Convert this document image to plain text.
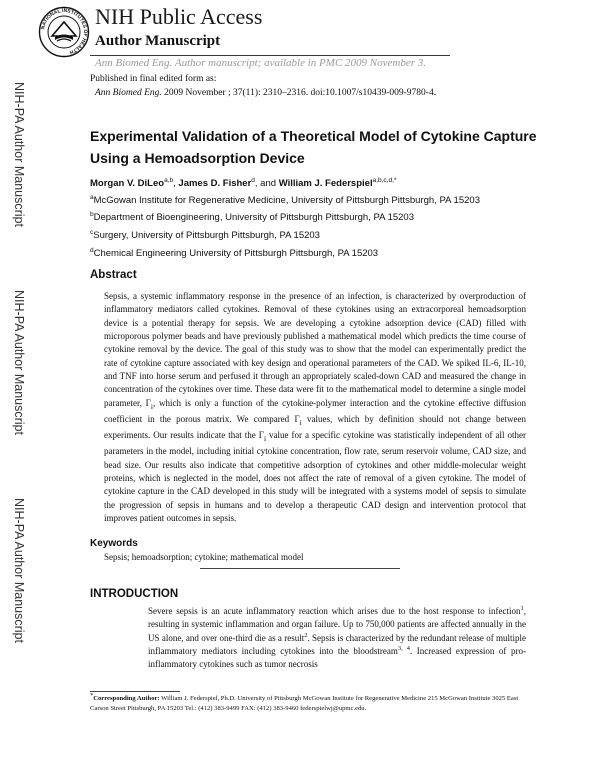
NATIONAL INSTITUTES OF HEALTH
NIH Public Access
Author Manuscript
Ann Biomed Eng. Author manuscript; available in PMC 2009 November 3.
Published in final edited form as:
Ann Biomed Eng. 2009 November ; 37(11): 2310–2316. doi:10.1007/s10439-009-9780-4.
NIH-PA Author Manuscript
NIH-PA Author Manuscript
NIH-PA Author Manuscript
Experimental Validation of a Theoretical Model of Cytokine Capture Using a Hemoadsorption Device
Morgan V. DiLeo$^{a,b}$, James D. Fisher$^d$, and William J. Federspiel$^{a,b,c,d,*}$
$^a$McGowan Institute for Regenerative Medicine, University of Pittsburgh Pittsburgh, PA 15203
$^b$Department of Bioengineering, University of Pittsburgh Pittsburgh, PA 15203
$^c$Surgery, University of Pittsburgh Pittsburgh, PA 15203
$^d$Chemical Engineering University of Pittsburgh Pittsburgh, PA 15203
Abstract

Sepsis, a systemic inflammatory response in the presence of an infection, is characterized by overproduction of inflammatory mediators called cytokines. Removal of these cytokines using an extracorporeal hemoadsorption device is a potential therapy for sepsis. We are developing a cytokine adsorption device (CAD) filled with microporous polymer beads and have previously published a mathematical model which predicts the time course of cytokine removal by the device. The goal of this study was to show that the model can experimentally predict the rate of cytokine capture associated with key design and operational parameters of the CAD. We spiked IL-6, IL-10, and TNF into horse serum and perfused it through an appropriately scaled-down CAD and measured the change in concentration of the cytokines over time. These data were fit to the mathematical model to determine a single model parameter, $\Gamma_i$, which is only a function of the cytokine-polymer interaction and the cytokine effective diffusion coefficient in the porous matrix. We compared $\Gamma_i$ values, which by definition should not change between experiments. Our results indicate that the $\Gamma_i$ value for a specific cytokine was statistically independent of all other parameters in the model, including initial cytokine concentration, flow rate, serum reservoir volume, CAD size, and bead size. Our results also indicate that competitive adsorption of cytokines and other middle-molecular weight proteins, which is neglected in the model, does not affect the rate of removal of a given cytokine. The model of cytokine capture in the CAD developed in this study will be integrated with a systems model of sepsis to simulate the progression of sepsis in humans and to develop a therapeutic CAD design and intervention protocol that improves patient outcomes in sepsis.

Keywords
Sepsis; hemoadsorption; cytokine; mathematical model
INTRODUCTION

Severe sepsis is an acute inflammatory reaction which arises due to the host response to infection$^1$, resulting in systemic inflammation and organ failure. Up to 750,000 patients are affected annually in the US alone, and over one-third die as a result$^2$. Sepsis is characterized by the redundant release of multiple inflammatory mediators including cytokines into the bloodstream$^{3, 4}$. Increased expression of pro-inflammatory cytokines such as tumor necrosis

*Corresponding Author: William J. Federspiel, Ph.D. University of Pittsburgh McGowan Institute for Regenerative Medicine 215 McGowan Institute 3025 East Carson Street Pittsburgh, PA 15203 Tel.: (412) 383-9499 FAX: (412) 383-9460 federspielwj@upmc.edu.
